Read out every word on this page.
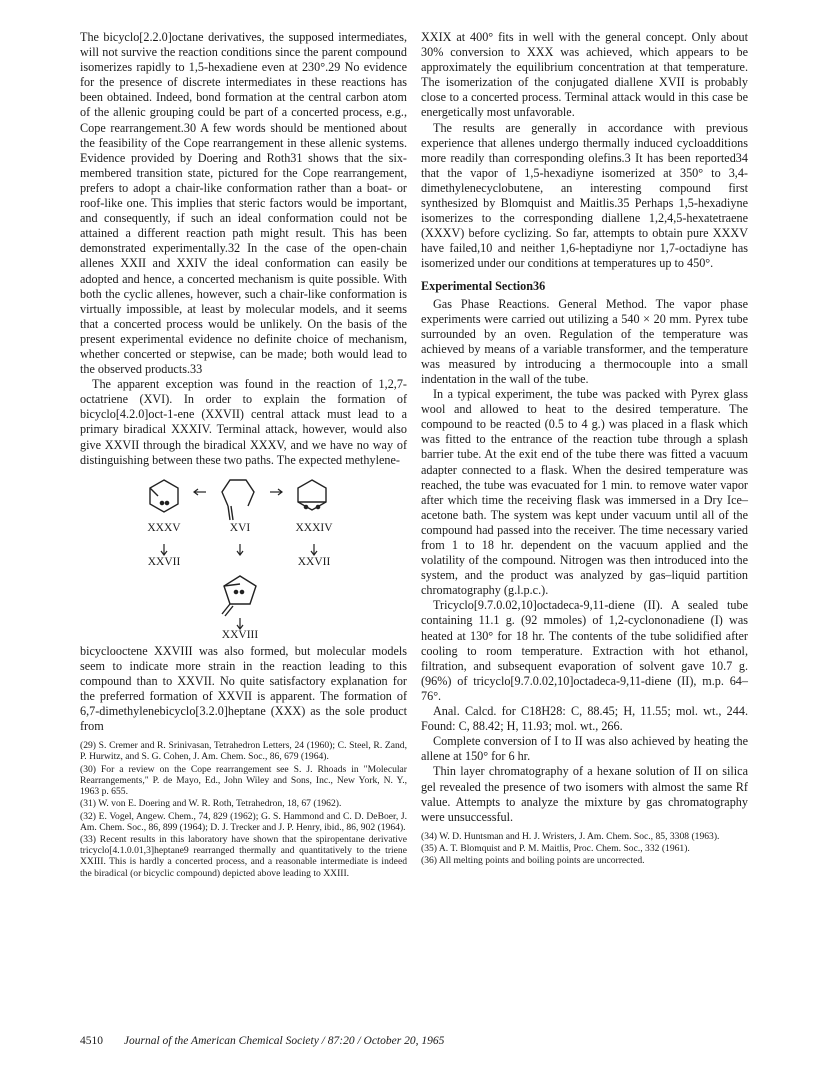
The bicyclo[2.2.0]octane derivatives, the supposed intermediates, will not survive the reaction conditions since the parent compound isomerizes rapidly to 1,5-hexadiene even at 230°.29 No evidence for the presence of discrete intermediates in these reactions has been obtained. Indeed, bond formation at the central carbon atom of the allenic grouping could be part of a concerted process, e.g., Cope rearrangement.30 A few words should be mentioned about the feasibility of the Cope rearrangement in these allenic systems. Evidence provided by Doering and Roth31 shows that the six-membered transition state, pictured for the Cope rearrangement, prefers to adopt a chair-like conformation rather than a boat- or roof-like one. This implies that steric factors would be important, and consequently, if such an ideal conformation could not be attained a different reaction path might result. This has been demonstrated experimentally.32 In the case of the open-chain allenes XXII and XXIV the ideal conformation can easily be adopted and hence, a concerted mechanism is quite possible. With both the cyclic allenes, however, such a chair-like conformation is virtually impossible, at least by molecular models, and it seems that a concerted process would be unlikely. On the basis of the present experimental evidence no definite choice of mechanism, whether concerted or stepwise, can be made; both would lead to the observed products.33

The apparent exception was found in the reaction of 1,2,7-octatriene (XVI). In order to explain the formation of bicyclo[4.2.0]oct-1-ene (XXVII) central attack must lead to a primary biradical XXXIV. Terminal attack, however, would also give XXVII through the biradical XXXV, and we have no way of distinguishing between these two paths. The expected methylene-

XXXV	XVI	XXXIV
XXVII	XXVII
XXVIII

bicyclooctene XXVIII was also formed, but molecular models seem to indicate more strain in the reaction leading to this compound than to XXVII. No quite satisfactory explanation for the preferred formation of XXVII is apparent. The formation of 6,7-dimethylenebicyclo[3.2.0]heptane (XXX) as the sole product from

(29) S. Cremer and R. Srinivasan, Tetrahedron Letters, 24 (1960); C. Steel, R. Zand, P. Hurwitz, and S. G. Cohen, J. Am. Chem. Soc., 86, 679 (1964).

(30) For a review on the Cope rearrangement see S. J. Rhoads in "Molecular Rearrangements," P. de Mayo, Ed., John Wiley and Sons, Inc., New York, N. Y., 1963 p. 655.

(31) W. von E. Doering and W. R. Roth, Tetrahedron, 18, 67 (1962).

(32) E. Vogel, Angew. Chem., 74, 829 (1962); G. S. Hammond and C. D. DeBoer, J. Am. Chem. Soc., 86, 899 (1964); D. J. Trecker and J. P. Henry, ibid., 86, 902 (1964).

(33) Recent results in this laboratory have shown that the spiropentane derivative tricyclo[4.1.0.01,3]heptane9 rearranged thermally and quantitatively to the triene XXIII. This is hardly a concerted process, and a reasonable intermediate is indeed the biradical (or bicyclic compound) depicted above leading to XXIII.

XXIX at 400° fits in well with the general concept. Only about 30% conversion to XXX was achieved, which appears to be approximately the equilibrium concentration at that temperature. The isomerization of the conjugated diallene XVII is probably close to a concerted process. Terminal attack would in this case be energetically most unfavorable.

The results are generally in accordance with previous experience that allenes undergo thermally induced cycloadditions more readily than corresponding olefins.3 It has been reported34 that the vapor of 1,5-hexadiyne isomerized at 350° to 3,4-dimethylenecyclobutene, an interesting compound first synthesized by Blomquist and Maitlis.35 Perhaps 1,5-hexadiyne isomerizes to the corresponding diallene 1,2,4,5-hexatetraene (XXXV) before cyclizing. So far, attempts to obtain pure XXXV have failed,10 and neither 1,6-heptadiyne nor 1,7-octadiyne has isomerized under our conditions at temperatures up to 450°.

Experimental Section36

Gas Phase Reactions. General Method. The vapor phase experiments were carried out utilizing a 540 × 20 mm. Pyrex tube surrounded by an oven. Regulation of the temperature was achieved by means of a variable transformer, and the temperature was measured by introducing a thermocouple into a small indentation in the wall of the tube.

In a typical experiment, the tube was packed with Pyrex glass wool and allowed to heat to the desired temperature. The compound to be reacted (0.5 to 4 g.) was placed in a flask which was fitted to the entrance of the reaction tube through a splash barrier tube. At the exit end of the tube there was fitted a vacuum adapter connected to a flask. When the desired temperature was reached, the tube was evacuated for 1 min. to remove water vapor after which time the receiving flask was immersed in a Dry Ice–acetone bath. The system was kept under vacuum until all of the compound had passed into the receiver. The time necessary varied from 1 to 18 hr. dependent on the vacuum applied and the volatility of the compound. Nitrogen was then introduced into the system, and the product was analyzed by gas–liquid partition chromatography (g.l.p.c.).

Tricyclo[9.7.0.02,10]octadeca-9,11-diene (II). A sealed tube containing 11.1 g. (92 mmoles) of 1,2-cyclononadiene (I) was heated at 130° for 18 hr. The contents of the tube solidified after cooling to room temperature. Extraction with hot ethanol, filtration, and subsequent evaporation of solvent gave 10.7 g. (96%) of tricyclo[9.7.0.02,10]octadeca-9,11-diene (II), m.p. 64–76°.

Anal. Calcd. for C18H28: C, 88.45; H, 11.55; mol. wt., 244. Found: C, 88.42; H, 11.93; mol. wt., 266.

Complete conversion of I to II was also achieved by heating the allene at 150° for 6 hr.

Thin layer chromatography of a hexane solution of II on silica gel revealed the presence of two isomers with almost the same Rf value. Attempts to analyze the mixture by gas chromatography were unsuccessful.

(34) W. D. Huntsman and H. J. Wristers, J. Am. Chem. Soc., 85, 3308 (1963).

(35) A. T. Blomquist and P. M. Maitlis, Proc. Chem. Soc., 332 (1961).

(36) All melting points and boiling points are uncorrected.

4510 Journal of the American Chemical Society / 87:20 / October 20, 1965
